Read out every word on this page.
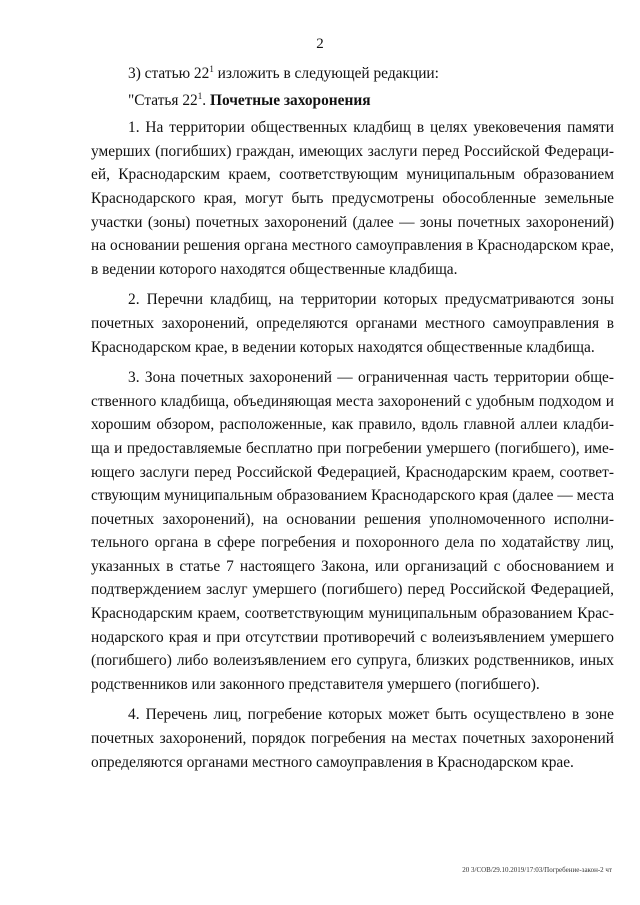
2
3) статью $22^1$ изложить в следующей редакции:
"Статья $22^1$. Почетные захоронения
1. На территории общественных кладбищ в целях увековечения памяти
умерших (погибших) граждан, имеющих заслуги перед Российской Федераци-
ей, Краснодарским краем, соответствующим муниципальным образованием
Краснодарского края, могут быть предусмотрены обособленные земельные
участки (зоны) почетных захоронений (далее — зоны почетных захоронений)
на основании решения органа местного самоуправления в Краснодарском крае,
в ведении которого находятся общественные кладбища.
2. Перечни кладбищ, на территории которых предусматриваются зоны
почетных захоронений, определяются органами местного самоуправления в
Краснодарском крае, в ведении которых находятся общественные кладбища.
3. Зона почетных захоронений — ограниченная часть территории обще-
ственного кладбища, объединяющая места захоронений с удобным подходом и
хорошим обзором, расположенные, как правило, вдоль главной аллеи кладби-
ща и предоставляемые бесплатно при погребении умершего (погибшего), име-
ющего заслуги перед Российской Федерацией, Краснодарским краем, соответ-
ствующим муниципальным образованием Краснодарского края (далее — места
почетных захоронений), на основании решения уполномоченного исполни-
тельного органа в сфере погребения и похоронного дела по ходатайству лиц,
указанных в статье 7 настоящего Закона, или организаций с обоснованием и
подтверждением заслуг умершего (погибшего) перед Российской Федерацией,
Краснодарским краем, соответствующим муниципальным образованием Крас-
нодарского края и при отсутствии противоречий с волеизъявлением умершего
(погибшего) либо волеизъявлением его супруга, близких родственников, иных
родственников или законного представителя умершего (погибшего).
4. Перечень лиц, погребение которых может быть осуществлено в зоне
почетных захоронений, порядок погребения на местах почетных захоронений
определяются органами местного самоуправления в Краснодарском крае.
20 3/СОВ/29.10.2019/17:03/Погребение-закон-2 чт
